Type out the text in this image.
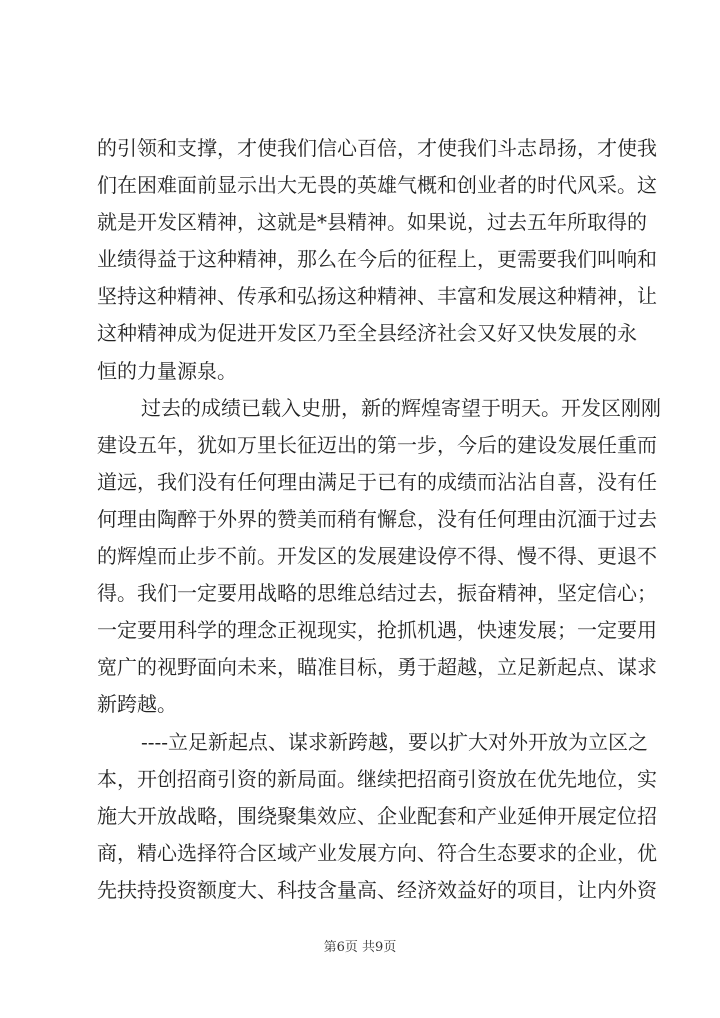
的引领和支撑，才使我们信心百倍，才使我们斗志昂扬，才使我
们在困难面前显示出大无畏的英雄气概和创业者的时代风采。这
就是开发区精神，这就是*县精神。如果说，过去五年所取得的
业绩得益于这种精神，那么在今后的征程上，更需要我们叫响和
坚持这种精神、传承和弘扬这种精神、丰富和发展这种精神，让
这种精神成为促进开发区乃至全县经济社会又好又快发展的永
恒的力量源泉。
过去的成绩已载入史册，新的辉煌寄望于明天。开发区刚刚
建设五年，犹如万里长征迈出的第一步，今后的建设发展任重而
道远，我们没有任何理由满足于已有的成绩而沾沾自喜，没有任
何理由陶醉于外界的赞美而稍有懈怠，没有任何理由沉湎于过去
的辉煌而止步不前。开发区的发展建设停不得、慢不得、更退不
得。我们一定要用战略的思维总结过去，振奋精神，坚定信心；
一定要用科学的理念正视现实，抢抓机遇，快速发展；一定要用
宽广的视野面向未来，瞄准目标，勇于超越，立足新起点、谋求
新跨越。
----立足新起点、谋求新跨越，要以扩大对外开放为立区之
本，开创招商引资的新局面。继续把招商引资放在优先地位，实
施大开放战略，围绕聚集效应、企业配套和产业延伸开展定位招
商，精心选择符合区域产业发展方向、符合生态要求的企业，优
先扶持投资额度大、科技含量高、经济效益好的项目，让内外资
第6页 共9页
